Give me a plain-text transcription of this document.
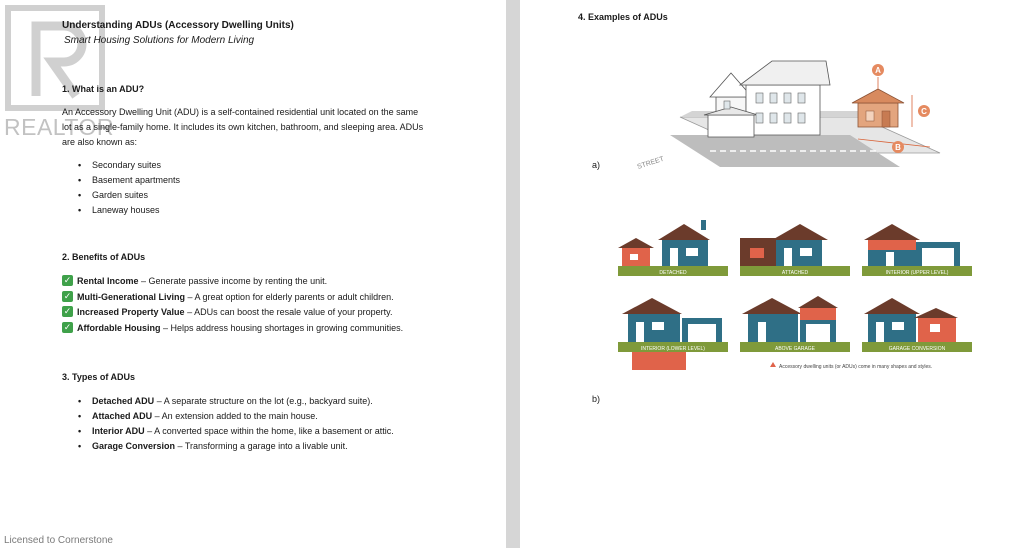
REALTOR
Understanding ADUs (Accessory Dwelling Units)
Smart Housing Solutions for Modern Living
1. What is an ADU?
An Accessory Dwelling Unit (ADU) is a self-contained residential unit located on the same
lot as a single-family home. It includes its own kitchen, bathroom, and sleeping area. ADUs
are also known as:
• Secondary suites
• Basement apartments
• Garden suites
• Laneway houses
2. Benefits of ADUs
✓ Rental Income – Generate passive income by renting the unit.
✓ Multi-Generational Living – A great option for elderly parents or adult children.
✓ Increased Property Value – ADUs can boost the resale value of your property.
✓ Affordable Housing – Helps address housing shortages in growing communities.
3. Types of ADUs
• Detached ADU – A separate structure on the lot (e.g., backyard suite).
• Attached ADU – An extension added to the main house.
• Interior ADU – A converted space within the home, like a basement or attic.
• Garage Conversion – Transforming a garage into a livable unit.
Licensed to Cornerstone
4. Examples of ADUs
STREET
A
C
B
a)
DETACHED	ATTACHED	INTERIOR (UPPER LEVEL)
INTERIOR (LOWER LEVEL)	ABOVE GARAGE	GARAGE CONVERSION
Accessory dwelling units (or ADUs) come in many shapes and styles.
b)
